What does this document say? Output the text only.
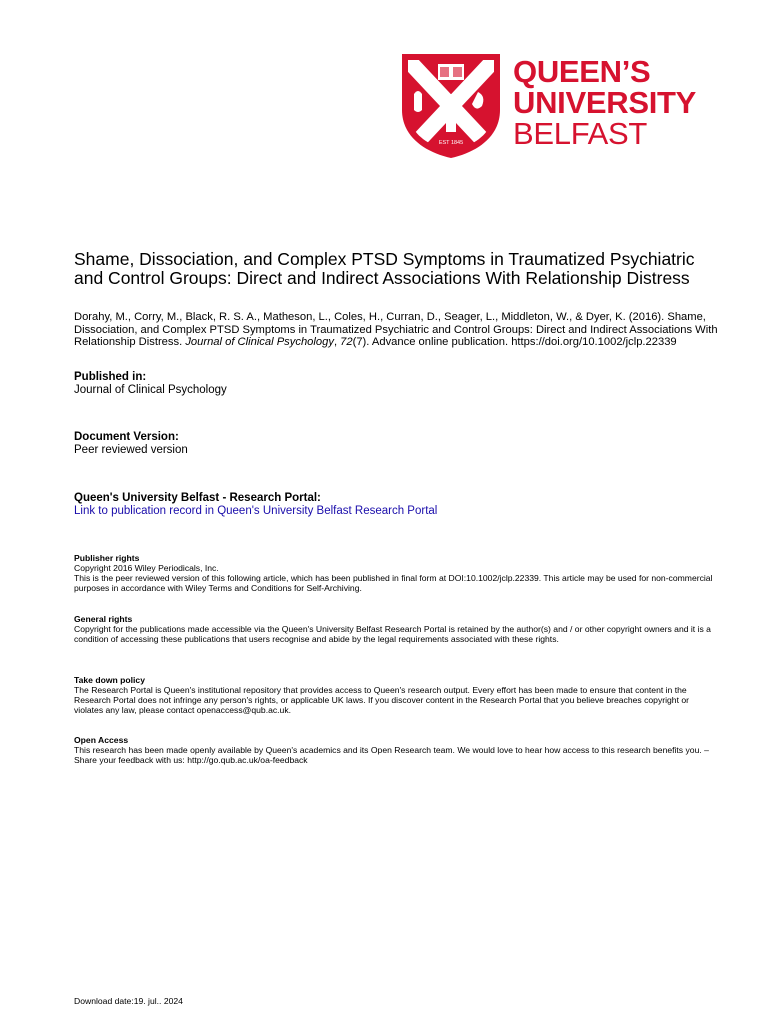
EST 1845
QUEEN’S
UNIVERSITY
BELFAST
Shame, Dissociation, and Complex PTSD Symptoms in Traumatized Psychiatric and Control Groups: Direct and Indirect Associations With Relationship Distress
Dorahy, M., Corry, M., Black, R. S. A., Matheson, L., Coles, H., Curran, D., Seager, L., Middleton, W., & Dyer, K. (2016). Shame, Dissociation, and Complex PTSD Symptoms in Traumatized Psychiatric and Control Groups: Direct and Indirect Associations With Relationship Distress. Journal of Clinical Psychology, 72(7). Advance online publication. https://doi.org/10.1002/jclp.22339
Published in:
Journal of Clinical Psychology
Document Version:
Peer reviewed version
Queen's University Belfast - Research Portal:
Link to publication record in Queen's University Belfast Research Portal
Publisher rights
Copyright 2016 Wiley Periodicals, Inc.
This is the peer reviewed version of this following article, which has been published in final form at DOI:10.1002/jclp.22339. This article may be used for non-commercial purposes in accordance with Wiley Terms and Conditions for Self-Archiving.
General rights
Copyright for the publications made accessible via the Queen's University Belfast Research Portal is retained by the author(s) and / or other copyright owners and it is a condition of accessing these publications that users recognise and abide by the legal requirements associated with these rights.
Take down policy
The Research Portal is Queen's institutional repository that provides access to Queen's research output. Every effort has been made to ensure that content in the Research Portal does not infringe any person's rights, or applicable UK laws. If you discover content in the Research Portal that you believe breaches copyright or violates any law, please contact openaccess@qub.ac.uk.
Open Access
This research has been made openly available by Queen's academics and its Open Research team. We would love to hear how access to this research benefits you. – Share your feedback with us: http://go.qub.ac.uk/oa-feedback
Download date:19. jul.. 2024
